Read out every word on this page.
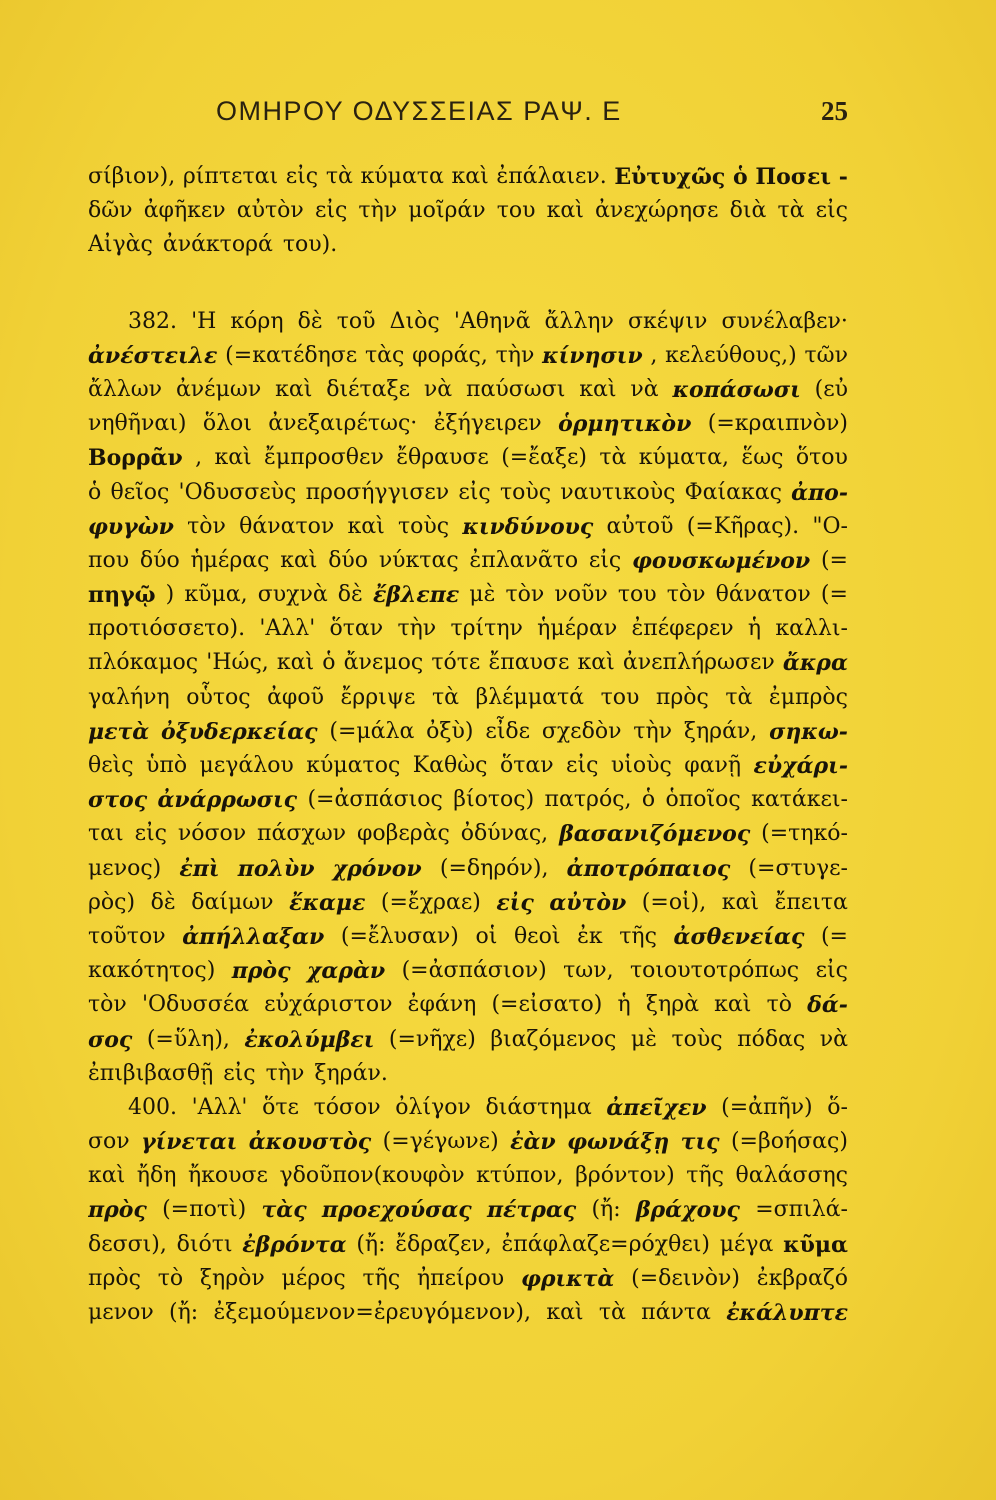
ΟΜΗΡΟΥ ΟΔΥΣΣΕΙΑΣ ΡΑΨ. Ε	25
σίβιον), ρίπτεται εἰς τὰ κύματα καὶ ἐπάλαιεν. Εὐτυχῶς ὁ Ποσει -
δῶν ἀφῆκεν αὐτὸν εἰς τὴν μοῖράν του καὶ ἀνεχώρησε διὰ τὰ εἰς
Αἰγὰς ἀνάκτορά του).
382. 'Η κόρη δὲ τοῦ Διὸς 'Αθηνᾶ ἄλλην σκέψιν συνέλαβεν·
ἀνέστειλε (=κατέδησε τὰς φοράς, τὴν κίνησιν , κελεύθους,) τῶν
ἄλλων ἀνέμων καὶ διέταξε νὰ παύσωσι καὶ νὰ κοπάσωσι (εὐ
νηθῆναι) ὅλοι ἀνεξαιρέτως· ἐξήγειρεν ὁρμητικὸν (=κραιπνὸν)
Βορρᾶν , καὶ ἔμπροσθεν ἔθραυσε (=ἔαξε) τὰ κύματα, ἕως ὅτου
ὁ θεῖος 'Οδυσσεὺς προσήγγισεν εἰς τοὺς ναυτικοὺς Φαίακας ἀπο-
φυγὼν τὸν θάνατον καὶ τοὺς κινδύνους αὐτοῦ (=Κῆρας). "Ο-
που δύο ἡμέρας καὶ δύο νύκτας ἐπλανᾶτο εἰς φουσκωμένον (=
πηγῷ ) κῦμα, συχνὰ δὲ ἔβλεπε μὲ τὸν νοῦν του τὸν θάνατον (=
προτιόσσετο). 'Αλλ' ὅταν τὴν τρίτην ἡμέραν ἐπέφερεν ἡ καλλι-
πλόκαμος 'Ηώς, καὶ ὁ ἄνεμος τότε ἔπαυσε καὶ ἀνεπλήρωσεν ἄκρα
γαλήνη οὗτος ἀφοῦ ἔρριψε τὰ βλέμματά του πρὸς τὰ ἐμπρὸς
μετὰ ὀξυδερκείας (=μάλα ὀξὺ) εἶδε σχεδὸν τὴν ξηράν, σηκω-
θεὶς ὑπὸ μεγάλου κύματος Καθὼς ὅταν εἰς υἱοὺς φανῇ εὐχάρι-
στος ἀνάρρωσις (=ἀσπάσιος βίοτος) πατρός, ὁ ὁποῖος κατάκει-
ται εἰς νόσον πάσχων φοβερὰς ὀδύνας, βασανιζόμενος (=τηκό-
μενος) ἐπὶ πολὺν χρόνον (=δηρόν), ἀποτρόπαιος (=στυγε-
ρὸς) δὲ δαίμων ἔκαμε (=ἔχραε) εἰς αὐτὸν (=οἱ), καὶ ἔπειτα
τοῦτον ἀπήλλαξαν (=ἔλυσαν) οἱ θεοὶ ἐκ τῆς ἀσθενείας (=
κακότητος) πρὸς χαρὰν (=ἀσπάσιον) των, τοιουτοτρόπως εἰς
τὸν 'Οδυσσέα εὐχάριστον ἐφάνη (=εἰσατο) ἡ ξηρὰ καὶ τὸ δά-
σος (=ὕλη), ἐκολύμβει (=νῆχε) βιαζόμενος μὲ τοὺς πόδας νὰ
ἐπιβιβασθῇ εἰς τὴν ξηράν.
400. 'Αλλ' ὅτε τόσον ὀλίγον διάστημα ἀπεῖχεν (=ἀπῆν) ὅ-
σον γίνεται ἀκουστὸς (=γέγωνε) ἐὰν φωνάξῃ τις (=βοήσας)
καὶ ἤδη ἤκουσε γδοῦπον(κουφὸν κτύπον, βρόντον) τῆς θαλάσσης
πρὸς (=ποτὶ) τὰς προεχούσας πέτρας (ἤ: βράχους =σπιλά-
δεσσι), διότι ἐβρόντα (ἤ: ἔδραζεν, ἐπάφλαζε=ρόχθει) μέγα κῦμα
πρὸς τὸ ξηρὸν μέρος τῆς ἠπείρου φρικτὰ (=δεινὸν) ἐκβραζό
μενον (ἤ: ἐξεμούμενον=ἐρευγόμενον), καὶ τὰ πάντα ἐκάλυπτε
